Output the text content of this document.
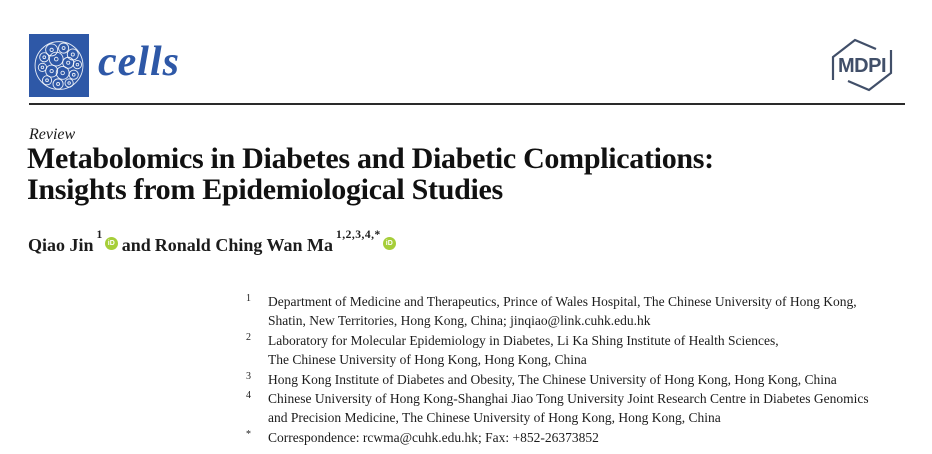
cells	MDPI
Review
Metabolomics in Diabetes and Diabetic Complications:
Insights from Epidemiological Studies
Qiao Jin $^1$iD and Ronald Ching Wan Ma $^{1,2,3,4,*}$iD
1	Department of Medicine and Therapeutics, Prince of Wales Hospital, The Chinese University of Hong Kong,
Shatin, New Territories, Hong Kong, China; jinqiao@link.cuhk.edu.hk
2	Laboratory for Molecular Epidemiology in Diabetes, Li Ka Shing Institute of Health Sciences,
The Chinese University of Hong Kong, Hong Kong, China
3	Hong Kong Institute of Diabetes and Obesity, The Chinese University of Hong Kong, Hong Kong, China
4	Chinese University of Hong Kong-Shanghai Jiao Tong University Joint Research Centre in Diabetes Genomics
and Precision Medicine, The Chinese University of Hong Kong, Hong Kong, China
*	Correspondence: rcwma@cuhk.edu.hk; Fax: +852-26373852
